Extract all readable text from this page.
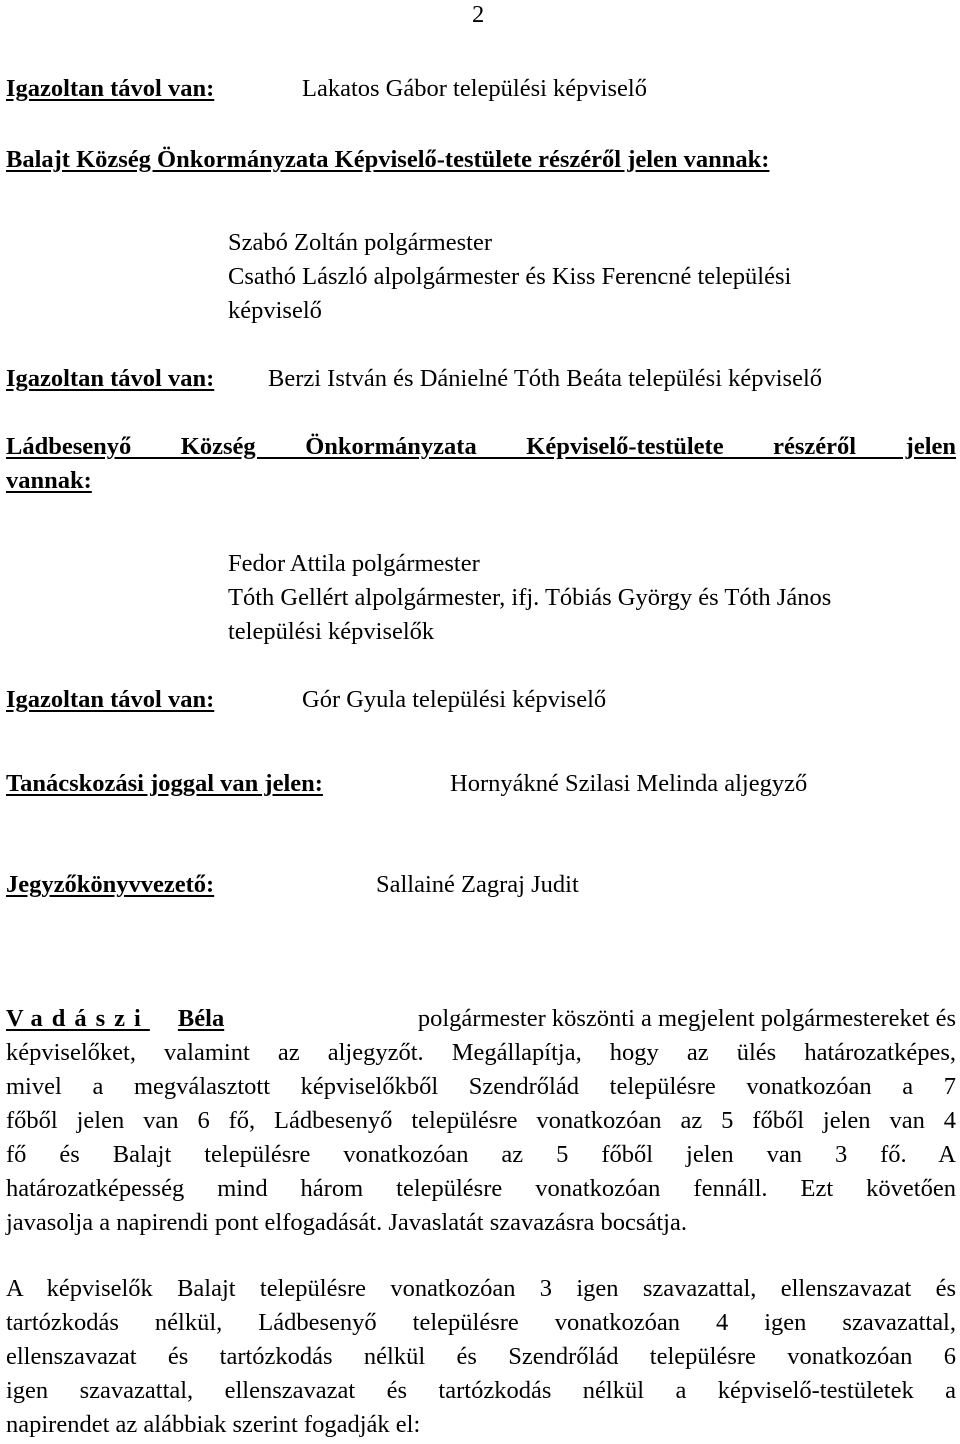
2
Igazoltan távol van:	Lakatos Gábor települési képviselő
Balajt Község Önkormányzata Képviselő-testülete részéről jelen vannak:
Szabó Zoltán polgármester
Csathó László alpolgármester és Kiss Ferencné települési
képviselő
Igazoltan távol van: Berzi István és Dánielné Tóth Beáta települési képviselő
Ládbesenyő Község Önkormányzata Képviselő-testülete részéről jelen
vannak:
Fedor Attila polgármester
Tóth Gellért alpolgármester, ifj. Tóbiás György és Tóth János
települési képviselők
Igazoltan távol van:	Gór Gyula települési képviselő
Tanácskozási joggal van jelen:	Hornyákné Szilasi Melinda aljegyző
Jegyzőkönyvvezető:	Sallainé Zagraj Judit
Vadászi Béla	polgármester köszönti a megjelent polgármestereket és
képviselőket, valamint az aljegyzőt. Megállapítja, hogy az ülés határozatképes,
mivel a megválasztott képviselőkből Szendrőlád településre vonatkozóan a 7
főből jelen van 6 fő, Ládbesenyő településre vonatkozóan az 5 főből jelen van 4
fő és Balajt településre vonatkozóan az 5 főből jelen van 3 fő. A
határozatképesség mind három településre vonatkozóan fennáll. Ezt követően
javasolja a napirendi pont elfogadását. Javaslatát szavazásra bocsátja.
A képviselők Balajt településre vonatkozóan 3 igen szavazattal, ellenszavazat és
tartózkodás nélkül, Ládbesenyő településre vonatkozóan 4 igen szavazattal,
ellenszavazat és tartózkodás nélkül és Szendrőlád településre vonatkozóan 6
igen szavazattal, ellenszavazat és tartózkodás nélkül a képviselő-testületek a
napirendet az alábbiak szerint fogadják el:
